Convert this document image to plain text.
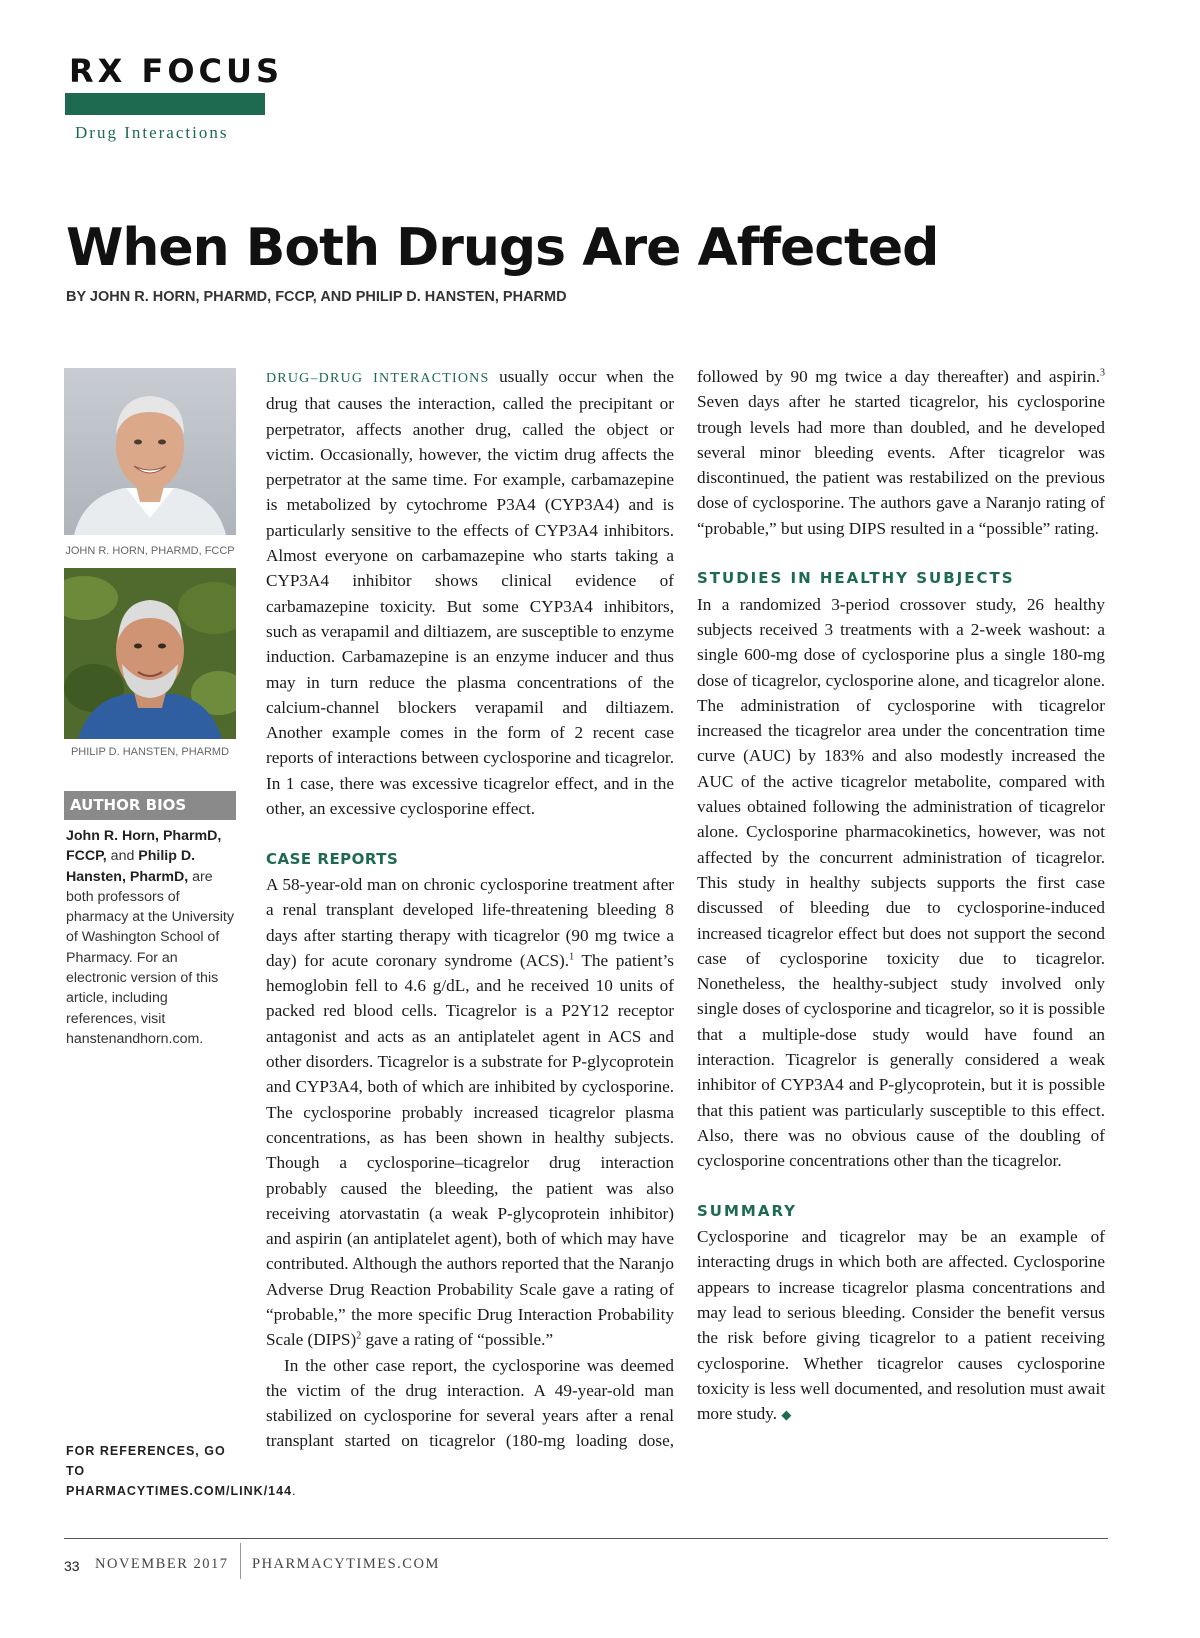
RX FOCUS
Drug Interactions
When Both Drugs Are Affected
BY JOHN R. HORN, PHARMD, FCCP, AND PHILIP D. HANSTEN, PHARMD
JOHN R. HORN, PHARMD, FCCP
PHILIP D. HANSTEN, PHARMD
AUTHOR BIOS
John R. Horn, PharmD, FCCP, and Philip D. Hansten, PharmD, are both professors of pharmacy at the University of Washington School of Pharmacy. For an electronic version of this article, including references, visit hanstenandhorn.com.
FOR REFERENCES, GO TO PHARMACYTIMES.COM/LINK/144.

DRUG–DRUG INTERACTIONS usually occur when the drug that causes the interaction, called the precipitant or perpetrator, affects another drug, called the object or victim. Occasionally, however, the victim drug affects the perpetrator at the same time. For example, carbamazepine is metabolized by cytochrome P3A4 (CYP3A4) and is particularly sensitive to the effects of CYP3A4 inhibitors. Almost everyone on carbamazepine who starts taking a CYP3A4 inhibitor shows clinical evidence of carbamazepine toxicity. But some CYP3A4 inhibitors, such as verapamil and diltiazem, are susceptible to enzyme induction. Carbamazepine is an enzyme inducer and thus may in turn reduce the plasma concentrations of the calcium-channel blockers verapamil and diltiazem. Another example comes in the form of 2 recent case reports of interactions between cyclosporine and ticagrelor. In 1 case, there was excessive ticagrelor effect, and in the other, an excessive cyclosporine effect.

CASE REPORTS

A 58-year-old man on chronic cyclosporine treatment after a renal transplant developed life-threatening bleeding 8 days after starting therapy with ticagrelor (90 mg twice a day) for acute coronary syndrome (ACS).$^1$ The patient’s hemoglobin fell to 4.6 g/dL, and he received 10 units of packed red blood cells. Ticagrelor is a P2Y12 receptor antagonist and acts as an antiplatelet agent in ACS and other disorders. Ticagrelor is a substrate for P-glycoprotein and CYP3A4, both of which are inhibited by cyclosporine. The cyclosporine probably increased ticagrelor plasma concentrations, as has been shown in healthy subjects. Though a cyclosporine–ticagrelor drug interaction probably caused the bleeding, the patient was also receiving atorvastatin (a weak P-glycoprotein inhibitor) and aspirin (an antiplatelet agent), both of which may have contributed. Although the authors reported that the Naranjo Adverse Drug Reaction Probability Scale gave a rating of “probable,” the more specific Drug Interaction Probability Scale (DIPS)$^2$ gave a rating of “possible.”

In the other case report, the cyclosporine was deemed the victim of the drug interaction. A 49-year-old man stabilized on cyclosporine for several years after a renal transplant started on ticagrelor (180-mg loading dose,

followed by 90 mg twice a day thereafter) and aspirin.$^3$ Seven days after he started ticagrelor, his cyclosporine trough levels had more than doubled, and he developed several minor bleeding events. After ticagrelor was discontinued, the patient was restabilized on the previous dose of cyclosporine. The authors gave a Naranjo rating of “probable,” but using DIPS resulted in a “possible” rating.

STUDIES IN HEALTHY SUBJECTS

In a randomized 3-period crossover study, 26 healthy subjects received 3 treatments with a 2-week washout: a single 600-mg dose of cyclosporine plus a single 180-mg dose of ticagrelor, cyclosporine alone, and ticagrelor alone. The administration of cyclosporine with ticagrelor increased the ticagrelor area under the concentration time curve (AUC) by 183% and also modestly increased the AUC of the active ticagrelor metabolite, compared with values obtained following the administration of ticagrelor alone. Cyclosporine pharmacokinetics, however, was not affected by the concurrent administration of ticagrelor. This study in healthy subjects supports the first case discussed of bleeding due to cyclosporine-induced increased ticagrelor effect but does not support the second case of cyclosporine toxicity due to ticagrelor. Nonetheless, the healthy-subject study involved only single doses of cyclosporine and ticagrelor, so it is possible that a multiple-dose study would have found an interaction. Ticagrelor is generally considered a weak inhibitor of CYP3A4 and P-glycoprotein, but it is possible that this patient was particularly susceptible to this effect. Also, there was no obvious cause of the doubling of cyclosporine concentrations other than the ticagrelor.

SUMMARY

Cyclosporine and ticagrelor may be an example of interacting drugs in which both are affected. Cyclosporine appears to increase ticagrelor plasma concentrations and may lead to serious bleeding. Consider the benefit versus the risk before giving ticagrelor to a patient receiving cyclosporine. Whether ticagrelor causes cyclosporine toxicity is less well documented, and resolution must await more study. ◆

33 NOVEMBER 2017 PHARMACYTIMES.COM
